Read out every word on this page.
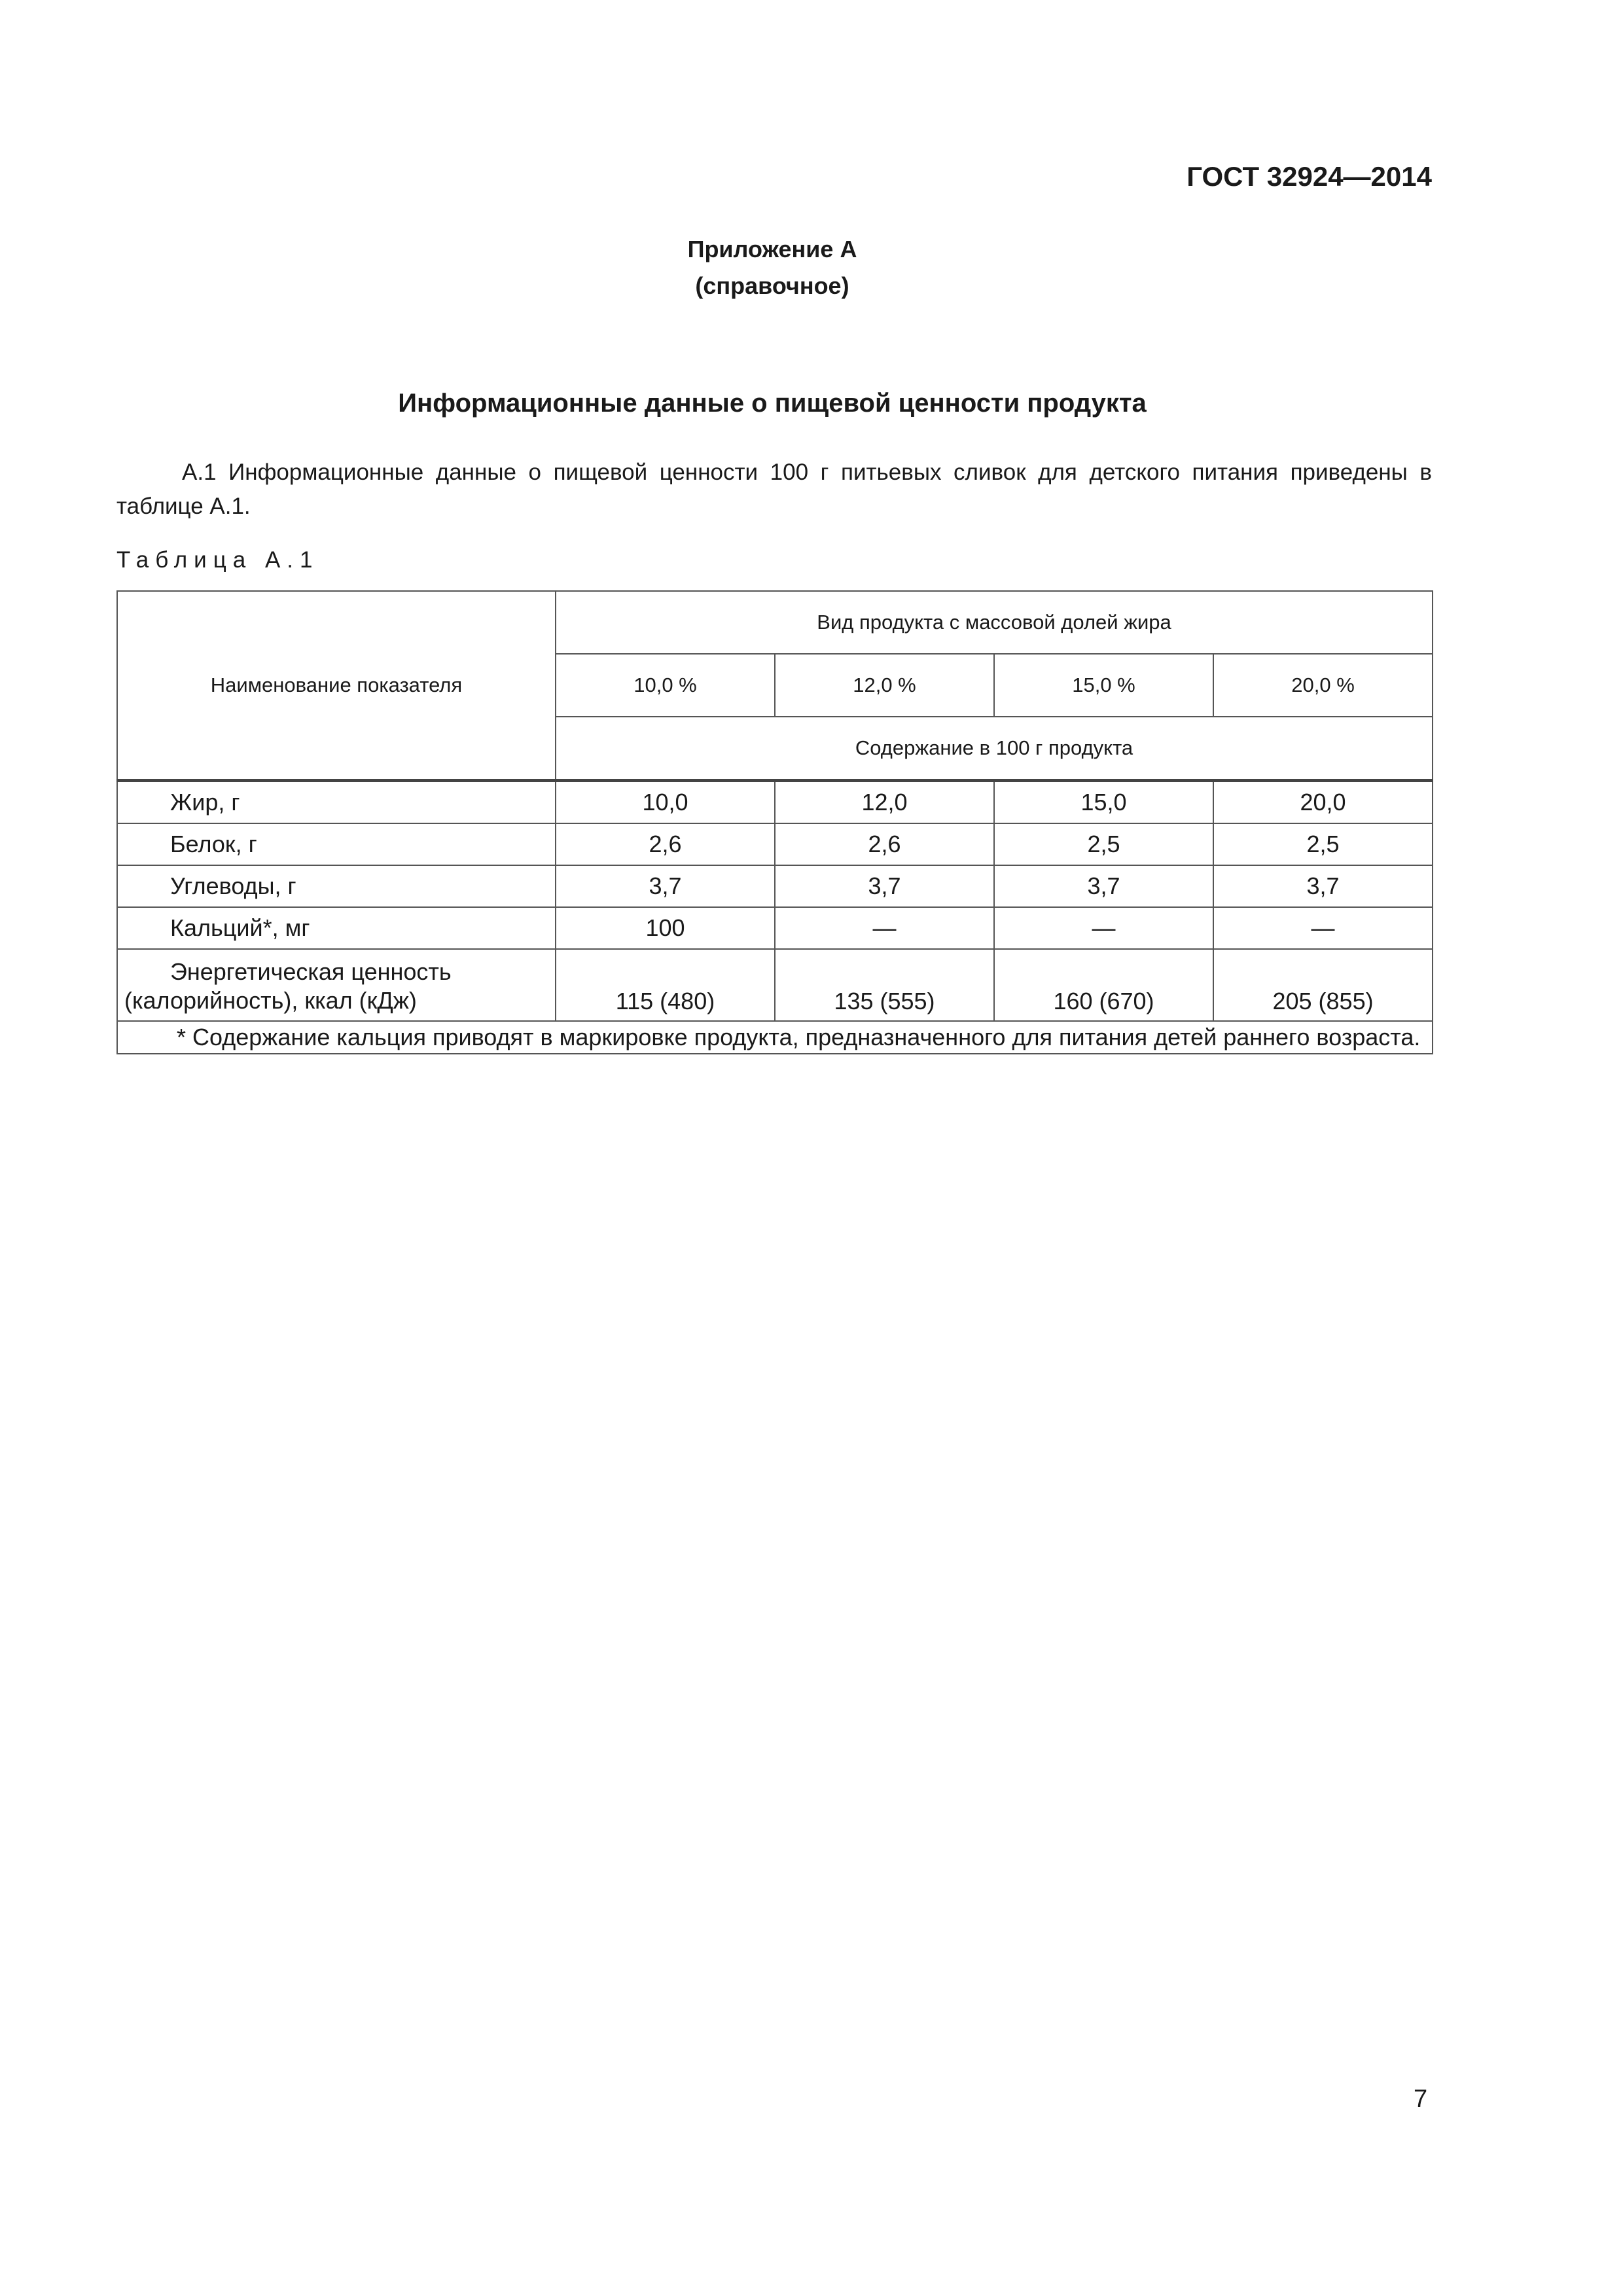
ГОСТ 32924—2014
Приложение А
(справочное)
Информационные данные о пищевой ценности продукта
А.1 Информационные данные о пищевой ценности 100 г питьевых сливок для детского питания приведены в таблице А.1.
Таблица А.1
Наименование показателя	Вид продукта с массовой долей жира			
	10,0 %	12,0 %	15,0 %	20,0 %
	Содержание в 100 г продукта			
Жир, г	10,0	12,0	15,0	20,0
Белок, г	2,6	2,6	2,5	2,5
Углеводы, г	3,7	3,7	3,7	3,7
Кальций*, мг	100	—	—	—
Энергетическая ценность (калорийность), ккал (кДж)	115 (480)	135 (555)	160 (670)	205 (855)
* Содержание кальция приводят в маркировке продукта, предназначенного для питания детей раннего возраста.				
7
